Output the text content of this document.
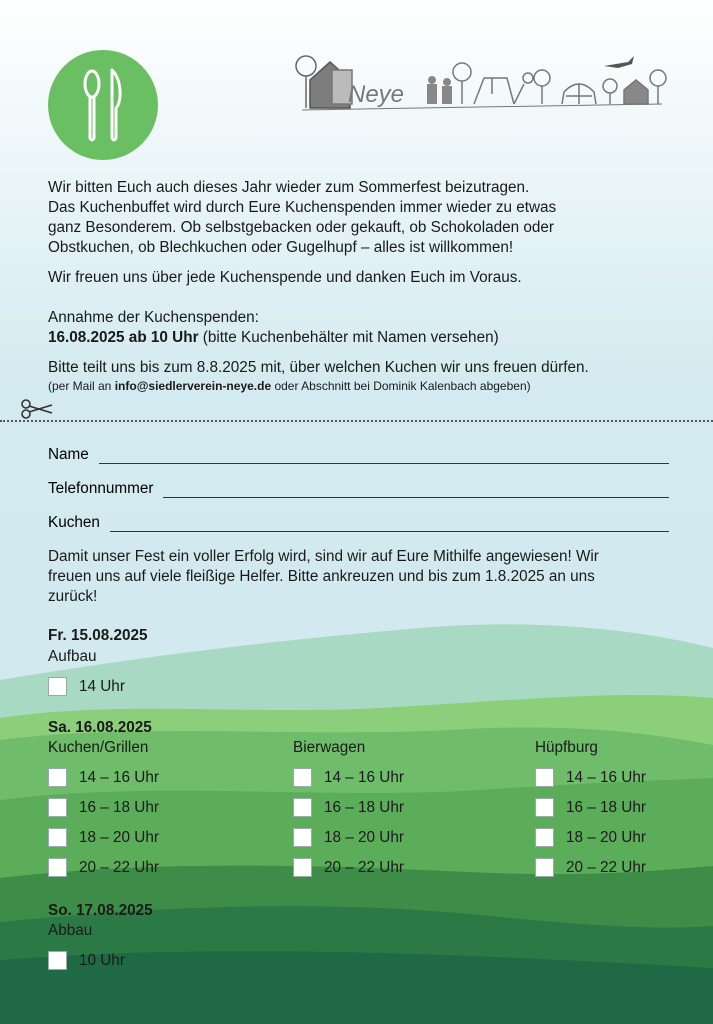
Neye

Wir bitten Euch auch dieses Jahr wieder zum Sommerfest beizutragen.

Das Kuchenbuffet wird durch Eure Kuchenspenden immer wieder zu etwas

ganz Besonderem. Ob selbstgebacken oder gekauft, ob Schokoladen oder

Obstkuchen, ob Blechkuchen oder Gugelhupf – alles ist willkommen!

Wir freuen uns über jede Kuchenspende und danken Euch im Voraus.

Annahme der Kuchenspenden:

16.08.2025 ab 10 Uhr (bitte Kuchenbehälter mit Namen versehen)

Bitte teilt uns bis zum 8.8.2025 mit, über welchen Kuchen wir uns freuen dürfen.

(per Mail an info@siedlerverein-neye.de oder Abschnitt bei Dominik Kalenbach abgeben)

Name
Telefonnummer
Kuchen

Damit unser Fest ein voller Erfolg wird, sind wir auf Eure Mithilfe angewiesen! Wir

freuen uns auf viele fleißige Helfer. Bitte ankreuzen und bis zum 1.8.2025 an uns

zurück!

Fr. 15.08.2025
Aufbau
14 Uhr
Sa. 16.08.2025
Kuchen/Grillen	Bierwagen	Hüpfburg
14 – 16 Uhr
16 – 18 Uhr
18 – 20 Uhr
20 – 22 Uhr
14 – 16 Uhr
16 – 18 Uhr
18 – 20 Uhr
20 – 22 Uhr
14 – 16 Uhr
16 – 18 Uhr
18 – 20 Uhr
20 – 22 Uhr
So. 17.08.2025
Abbau
10 Uhr
